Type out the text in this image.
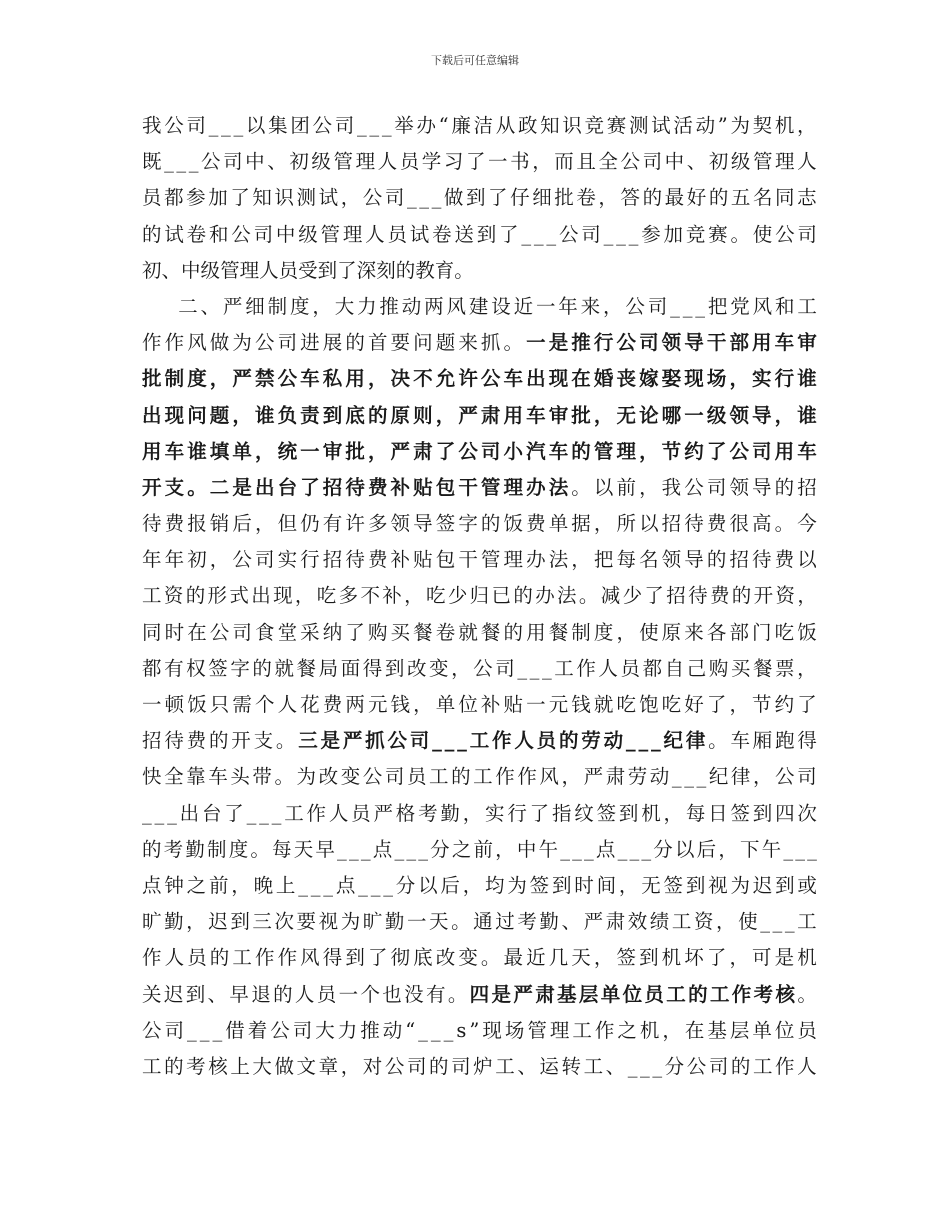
下载后可任意编辑
我 公 司 _ _ _ 以 集 团 公 司 _ _ _ 举 办 “ 廉 洁 从 政 知 识 竞 赛 测 试 活 动 ” 为 契 机 ，
既 _ _ _ 公 司 中 、 初 级 管 理 人 员 学 习 了 一 书 ， 而 且 全 公 司 中 、 初 级 管 理 人
员 都 参 加 了 知 识 测 试 ， 公 司 _ _ _ 做 到 了 仔 细 批 卷 ， 答 的 最 好 的 五 名 同 志
的 试 卷 和 公 司 中 级 管 理 人 员 试 卷 送 到 了 _ _ _ 公 司 _ _ _ 参 加 竞 赛 。 使 公 司
初 、 中 级 管 理 人 员 受 到 了 深 刻 的 教 育 。

二 、 严 细 制 度 ， 大 力 推 动 两 风 建 设 近 一 年 来 ， 公 司 _ _ _ 把 党 风 和 工
作 作 风 做 为 公 司 进 展 的 首 要 问 题 来 抓 。 一 是 推 行 公 司 领 导 干 部 用 车 审
批 制 度 ， 严 禁 公 车 私 用 ， 决 不 允 许 公 车 出 现 在 婚 丧 嫁 娶 现 场 ， 实 行 谁
出 现 问 题 ， 谁 负 责 到 底 的 原 则 ， 严 肃 用 车 审 批 ， 无 论 哪 一 级 领 导 ， 谁
用 车 谁 填 单 ， 统 一 审 批 ， 严 肃 了 公 司 小 汽 车 的 管 理 ， 节 约 了 公 司 用 车
开 支 。 二 是 出 台 了 招 待 费 补 贴 包 干 管 理 办 法 。 以 前 ， 我 公 司 领 导 的 招
待 费 报 销 后 ， 但 仍 有 许 多 领 导 签 字 的 饭 费 单 据 ， 所 以 招 待 费 很 高 。 今
年 年 初 ， 公 司 实 行 招 待 费 补 贴 包 干 管 理 办 法 ， 把 每 名 领 导 的 招 待 费 以
工 资 的 形 式 出 现 ， 吃 多 不 补 ， 吃 少 归 已 的 办 法 。 减 少 了 招 待 费 的 开 资 ，
同 时 在 公 司 食 堂 采 纳 了 购 买 餐 卷 就 餐 的 用 餐 制 度 ， 使 原 来 各 部 门 吃 饭
都 有 权 签 字 的 就 餐 局 面 得 到 改 变 ， 公 司 _ _ _ 工 作 人 员 都 自 己 购 买 餐 票 ，
一 顿 饭 只 需 个 人 花 费 两 元 钱 ， 单 位 补 贴 一 元 钱 就 吃 饱 吃 好 了 ， 节 约 了
招 待 费 的 开 支 。 三 是 严 抓 公 司 _ _ _ 工 作 人 员 的 劳 动 _ _ _ 纪 律 。 车 厢 跑 得
快 全 靠 车 头 带 。 为 改 变 公 司 员 工 的 工 作 作 风 ， 严 肃 劳 动 _ _ _ 纪 律 ， 公 司
_ _ _ 出 台 了 _ _ _ 工 作 人 员 严 格 考 勤 ， 实 行 了 指 纹 签 到 机 ， 每 日 签 到 四 次
的 考 勤 制 度 。 每 天 早 _ _ _ 点 _ _ _ 分 之 前 ， 中 午 _ _ _ 点 _ _ _ 分 以 后 ， 下 午 _ _ _
点 钟 之 前 ， 晚 上 _ _ _ 点 _ _ _ 分 以 后 ， 均 为 签 到 时 间 ， 无 签 到 视 为 迟 到 或
旷 勤 ， 迟 到 三 次 要 视 为 旷 勤 一 天 。 通 过 考 勤 、 严 肃 效 绩 工 资 ， 使 _ _ _ 工
作 人 员 的 工 作 作 风 得 到 了 彻 底 改 变 。 最 近 几 天 ， 签 到 机 坏 了 ， 可 是 机
关 迟 到 、 早 退 的 人 员 一 个 也 没 有 。 四 是 严 肃 基 层 单 位 员 工 的 工 作 考 核 。
公 司 _ _ _ 借 着 公 司 大 力 推 动 “ _ _ _ s ” 现 场 管 理 工 作 之 机 ， 在 基 层 单 位 员
工 的 考 核 上 大 做 文 章 ， 对 公 司 的 司 炉 工 、 运 转 工 、 _ _ _ 分 公 司 的 工 作 人
